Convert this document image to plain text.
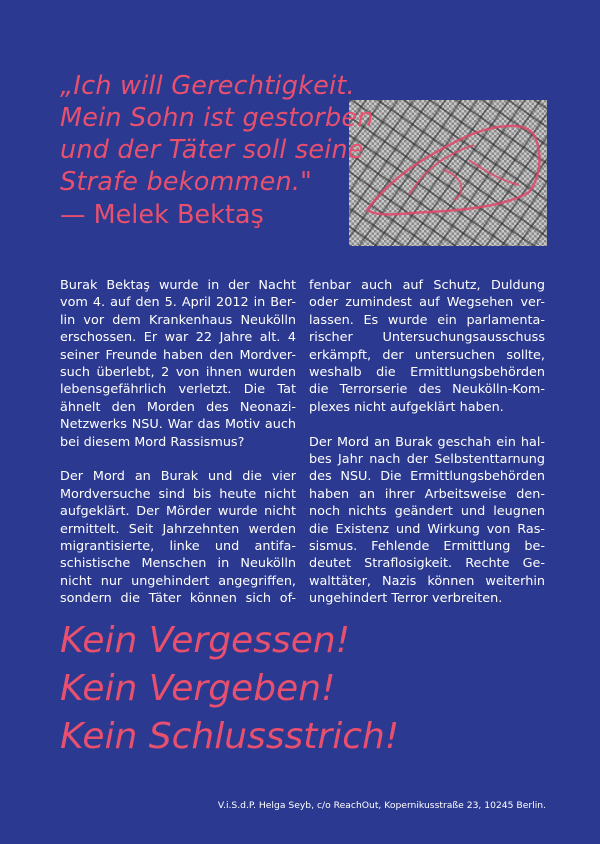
„Ich will Gerechtigkeit.
Mein Sohn ist gestorben
und der Täter soll seine
Strafe bekommen."
— Melek Bektaş
Burak Bektaş wurde in der Nacht
vom 4. auf den 5. April 2012 in Ber-
lin vor dem Krankenhaus Neukölln
erschossen. Er war 22 Jahre alt. 4
seiner Freunde haben den Mordver-
such überlebt, 2 von ihnen wurden
lebensgefährlich verletzt. Die Tat
ähnelt den Morden des Neonazi-
Netzwerks NSU. War das Motiv auch
bei diesem Mord Rassismus?
Der Mord an Burak und die vier
Mordversuche sind bis heute nicht
aufgeklärt. Der Mörder wurde nicht
ermittelt. Seit Jahrzehnten werden
migrantisierte, linke und antifa-
schistische Menschen in Neukölln
nicht nur ungehindert angegriffen,
sondern die Täter können sich of-
fenbar auch auf Schutz, Duldung
oder zumindest auf Wegsehen ver-
lassen. Es wurde ein parlamenta-
rischer Untersuchungsausschuss
erkämpft, der untersuchen sollte,
weshalb die Ermittlungsbehörden
die Terrorserie des Neukölln-Kom-
plexes nicht aufgeklärt haben.
Der Mord an Burak geschah ein hal-
bes Jahr nach der Selbstenttarnung
des NSU. Die Ermittlungsbehörden
haben an ihrer Arbeitsweise den-
noch nichts geändert und leugnen
die Existenz und Wirkung von Ras-
sismus. Fehlende Ermittlung be-
deutet Straflosigkeit. Rechte Ge-
walttäter, Nazis können weiterhin
ungehindert Terror verbreiten.
Kein Vergessen!
Kein Vergeben!
Kein Schlussstrich!
V.i.S.d.P. Helga Seyb, c/o ReachOut, Kopernikusstraße 23, 10245 Berlin.
